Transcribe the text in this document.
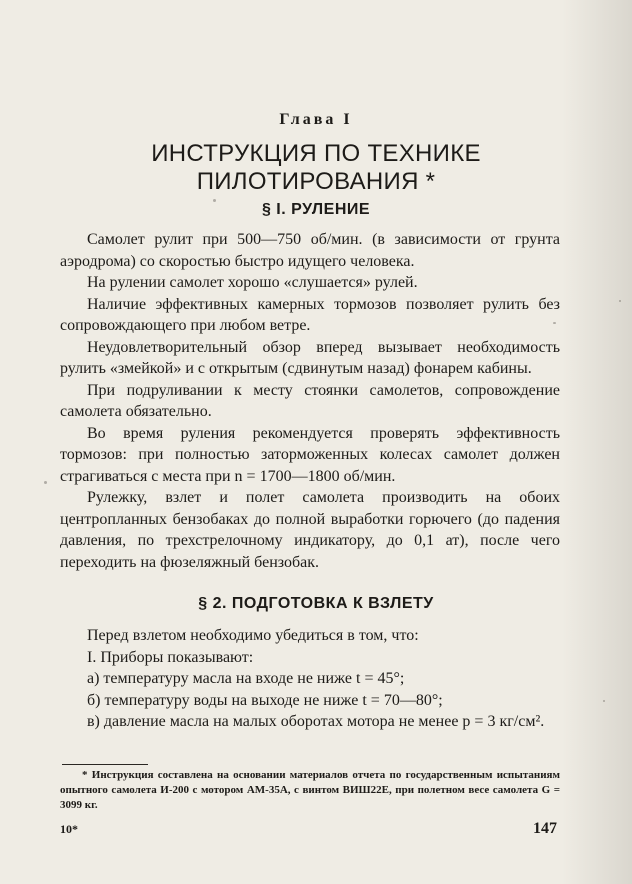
Глава I
ИНСТРУКЦИЯ ПО ТЕХНИКЕ
ПИЛОТИРОВАНИЯ *
§ I. РУЛЕНИЕ

Самолет рулит при 500—750 об/мин. (в зависимости от грунта аэродрома) со скоростью быстро идущего человека.

На рулении самолет хорошо «слушается» рулей.

Наличие эффективных камерных тормозов позволяет рулить без сопровождающего при любом ветре.

Неудовлетворительный обзор вперед вызывает необходимость рулить «змейкой» и с открытым (сдвинутым назад) фонарем кабины.

При подруливании к месту стоянки самолетов, сопровождение самолета обязательно.

Во время руления рекомендуется проверять эффективность тормозов: при полностью заторможенных колесах самолет должен страгиваться с места при n = 1700—1800 об/мин.

Рулежку, взлет и полет самолета производить на обоих центропланных бензобаках до полной выработки горючего (до падения давления, по трехстрелочному индикатору, до 0,1 ат), после чего переходить на фюзеляжный бензобак.

§ 2. ПОДГОТОВКА К ВЗЛЕТУ

Перед взлетом необходимо убедиться в том, что:

I. Приборы показывают:

а) температуру масла на входе не ниже t = 45°;

б) температуру воды на выходе не ниже t = 70—80°;

в) давление масла на малых оборотах мотора не менее p = 3 кг/см².

* Инструкция составлена на основании материалов отчета по государственным испытаниям опытного самолета И-200 с мотором АМ-35А, с винтом ВИШ22Е, при полетном весе самолета G = 3099 кг.

10*	147
